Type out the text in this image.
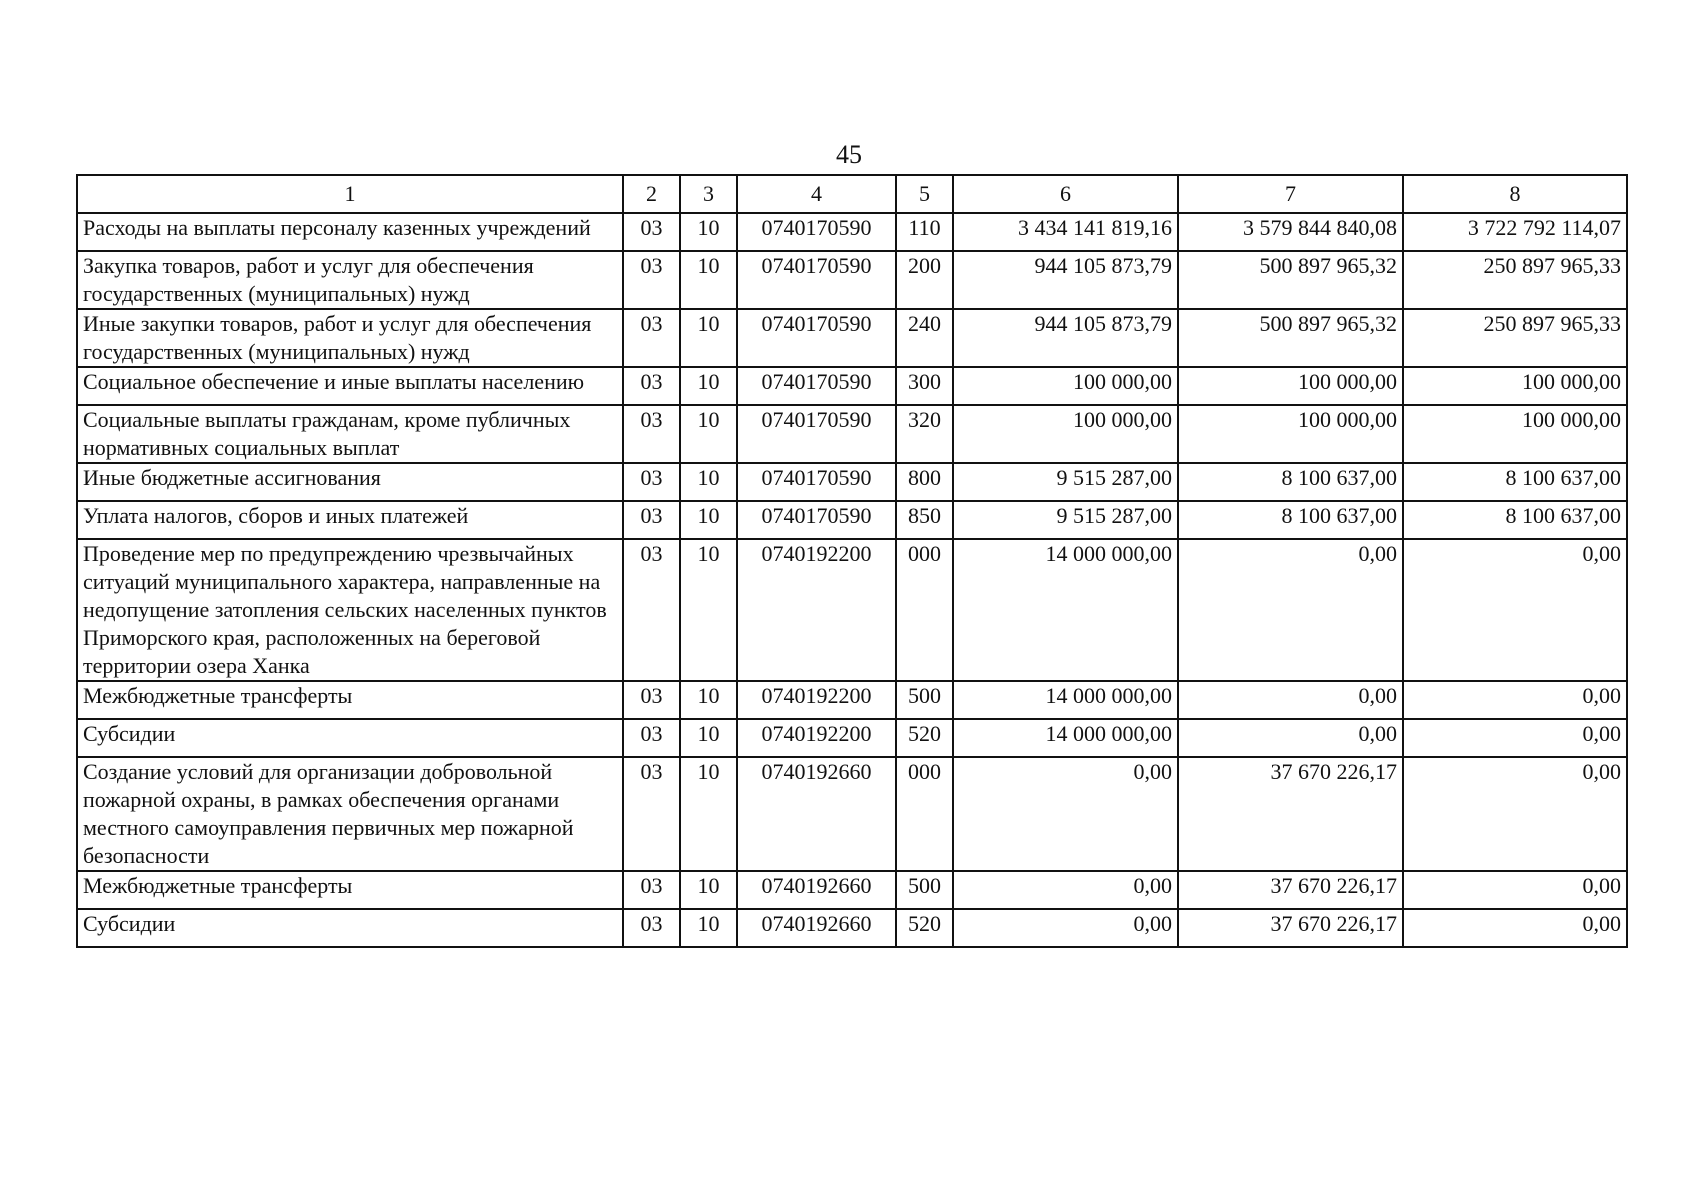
45
1	2	3	4	5	6	7	8
Расходы на выплаты персоналу казенных учреждений	03	10	0740170590	110	3 434 141 819,16	3 579 844 840,08	3 722 792 114,07
Закупка товаров, работ и услуг для обеспечения государственных (муниципальных) нужд	03	10	0740170590	200	944 105 873,79	500 897 965,32	250 897 965,33
Иные закупки товаров, работ и услуг для обеспечения государственных (муниципальных) нужд	03	10	0740170590	240	944 105 873,79	500 897 965,32	250 897 965,33
Социальное обеспечение и иные выплаты населению	03	10	0740170590	300	100 000,00	100 000,00	100 000,00
Социальные выплаты гражданам, кроме публичных нормативных социальных выплат	03	10	0740170590	320	100 000,00	100 000,00	100 000,00
Иные бюджетные ассигнования	03	10	0740170590	800	9 515 287,00	8 100 637,00	8 100 637,00
Уплата налогов, сборов и иных платежей	03	10	0740170590	850	9 515 287,00	8 100 637,00	8 100 637,00
Проведение мер по предупреждению чрезвычайных ситуаций муниципального характера, направленные на недопущение затопления сельских населенных пунктов Приморского края, расположенных на береговой территории озера Ханка	03	10	0740192200	000	14 000 000,00	0,00	0,00
Межбюджетные трансферты	03	10	0740192200	500	14 000 000,00	0,00	0,00
Субсидии	03	10	0740192200	520	14 000 000,00	0,00	0,00
Создание условий для организации добровольной пожарной охраны, в рамках обеспечения органами местного самоуправления первичных мер пожарной безопасности	03	10	0740192660	000	0,00	37 670 226,17	0,00
Межбюджетные трансферты	03	10	0740192660	500	0,00	37 670 226,17	0,00
Субсидии	03	10	0740192660	520	0,00	37 670 226,17	0,00
